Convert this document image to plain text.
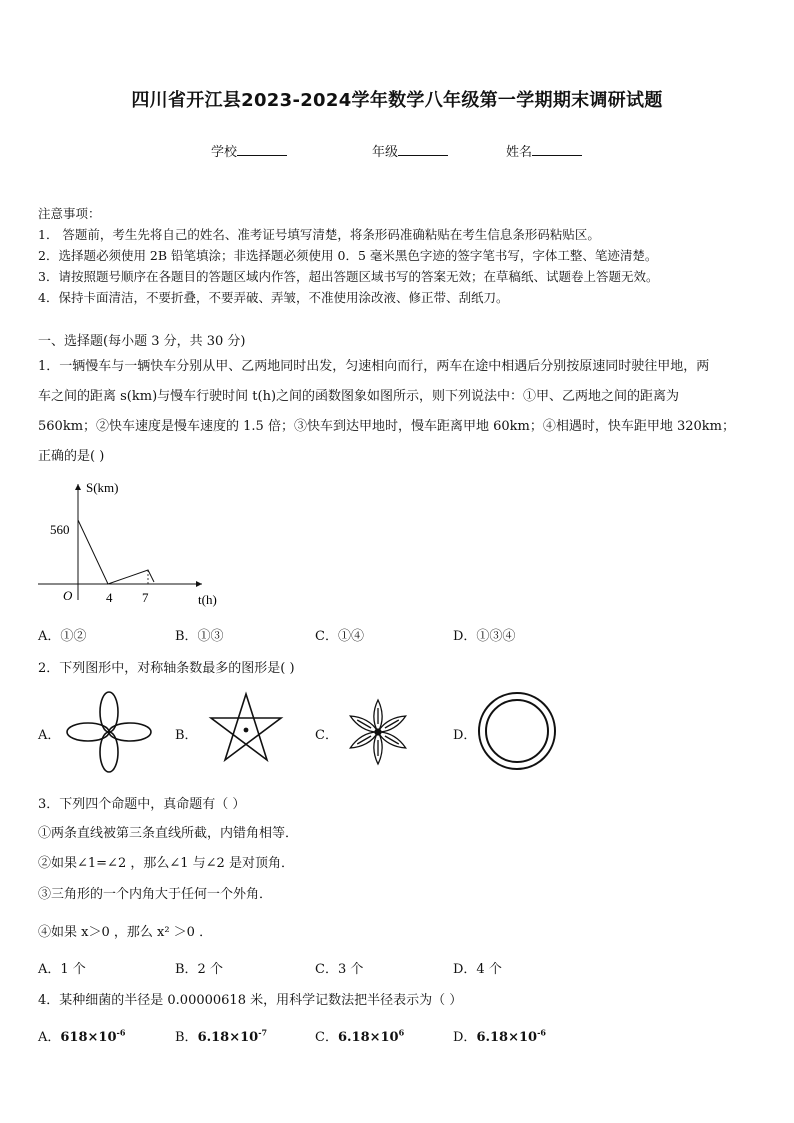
四川省开江县2023-2024学年数学八年级第一学期期末调研试题
学校	年级	姓名
注意事项：
1． 答题前，考生先将自己的姓名、准考证号填写清楚，将条形码准确粘贴在考生信息条形码粘贴区。
2．选择题必须使用 2B 铅笔填涂；非选择题必须使用 0．5 毫米黑色字迹的签字笔书写，字体工整、笔迹清楚。
3．请按照题号顺序在各题目的答题区域内作答，超出答题区域书写的答案无效；在草稿纸、试题卷上答题无效。
4．保持卡面清洁，不要折叠，不要弄破、弄皱，不准使用涂改液、修正带、刮纸刀。
一、选择题(每小题 3 分，共 30 分)
1．一辆慢车与一辆快车分别从甲、乙两地同时出发，匀速相向而行，两车在途中相遇后分别按原速同时驶往甲地，两
车之间的距离 s(km)与慢车行驶时间 t(h)之间的函数图象如图所示，则下列说法中：①甲、乙两地之间的距离为
560km；②快车速度是慢车速度的 1.5 倍；③快车到达甲地时，慢车距离甲地 60km；④相遇时，快车距甲地 320km；
正确的是( )
S(km)
560
O	4 7	t(h)
A．①②	B．①③	C．①④	D．①③④
2．下列图形中，对称轴条数最多的图形是( )
A．	B．	C．	D．
3．下列四个命题中，真命题有（ ）
①两条直线被第三条直线所截，内错角相等．
②如果∠1=∠2 ，那么∠1 与∠2 是对顶角．
③三角形的一个内角大于任何一个外角．
④如果 x＞0 ，那么 x² ＞0 ．
A．1 个	B．2 个	C．3 个	D．4 个
4．某种细菌的半径是 0.00000618 米，用科学记数法把半径表示为（ ）
A．$618\times 10^{-6}$	B．$6.18\times 10^{-7}$	C．$6.18\times 10^6$	D．$6.18\times 10^{-6}$
